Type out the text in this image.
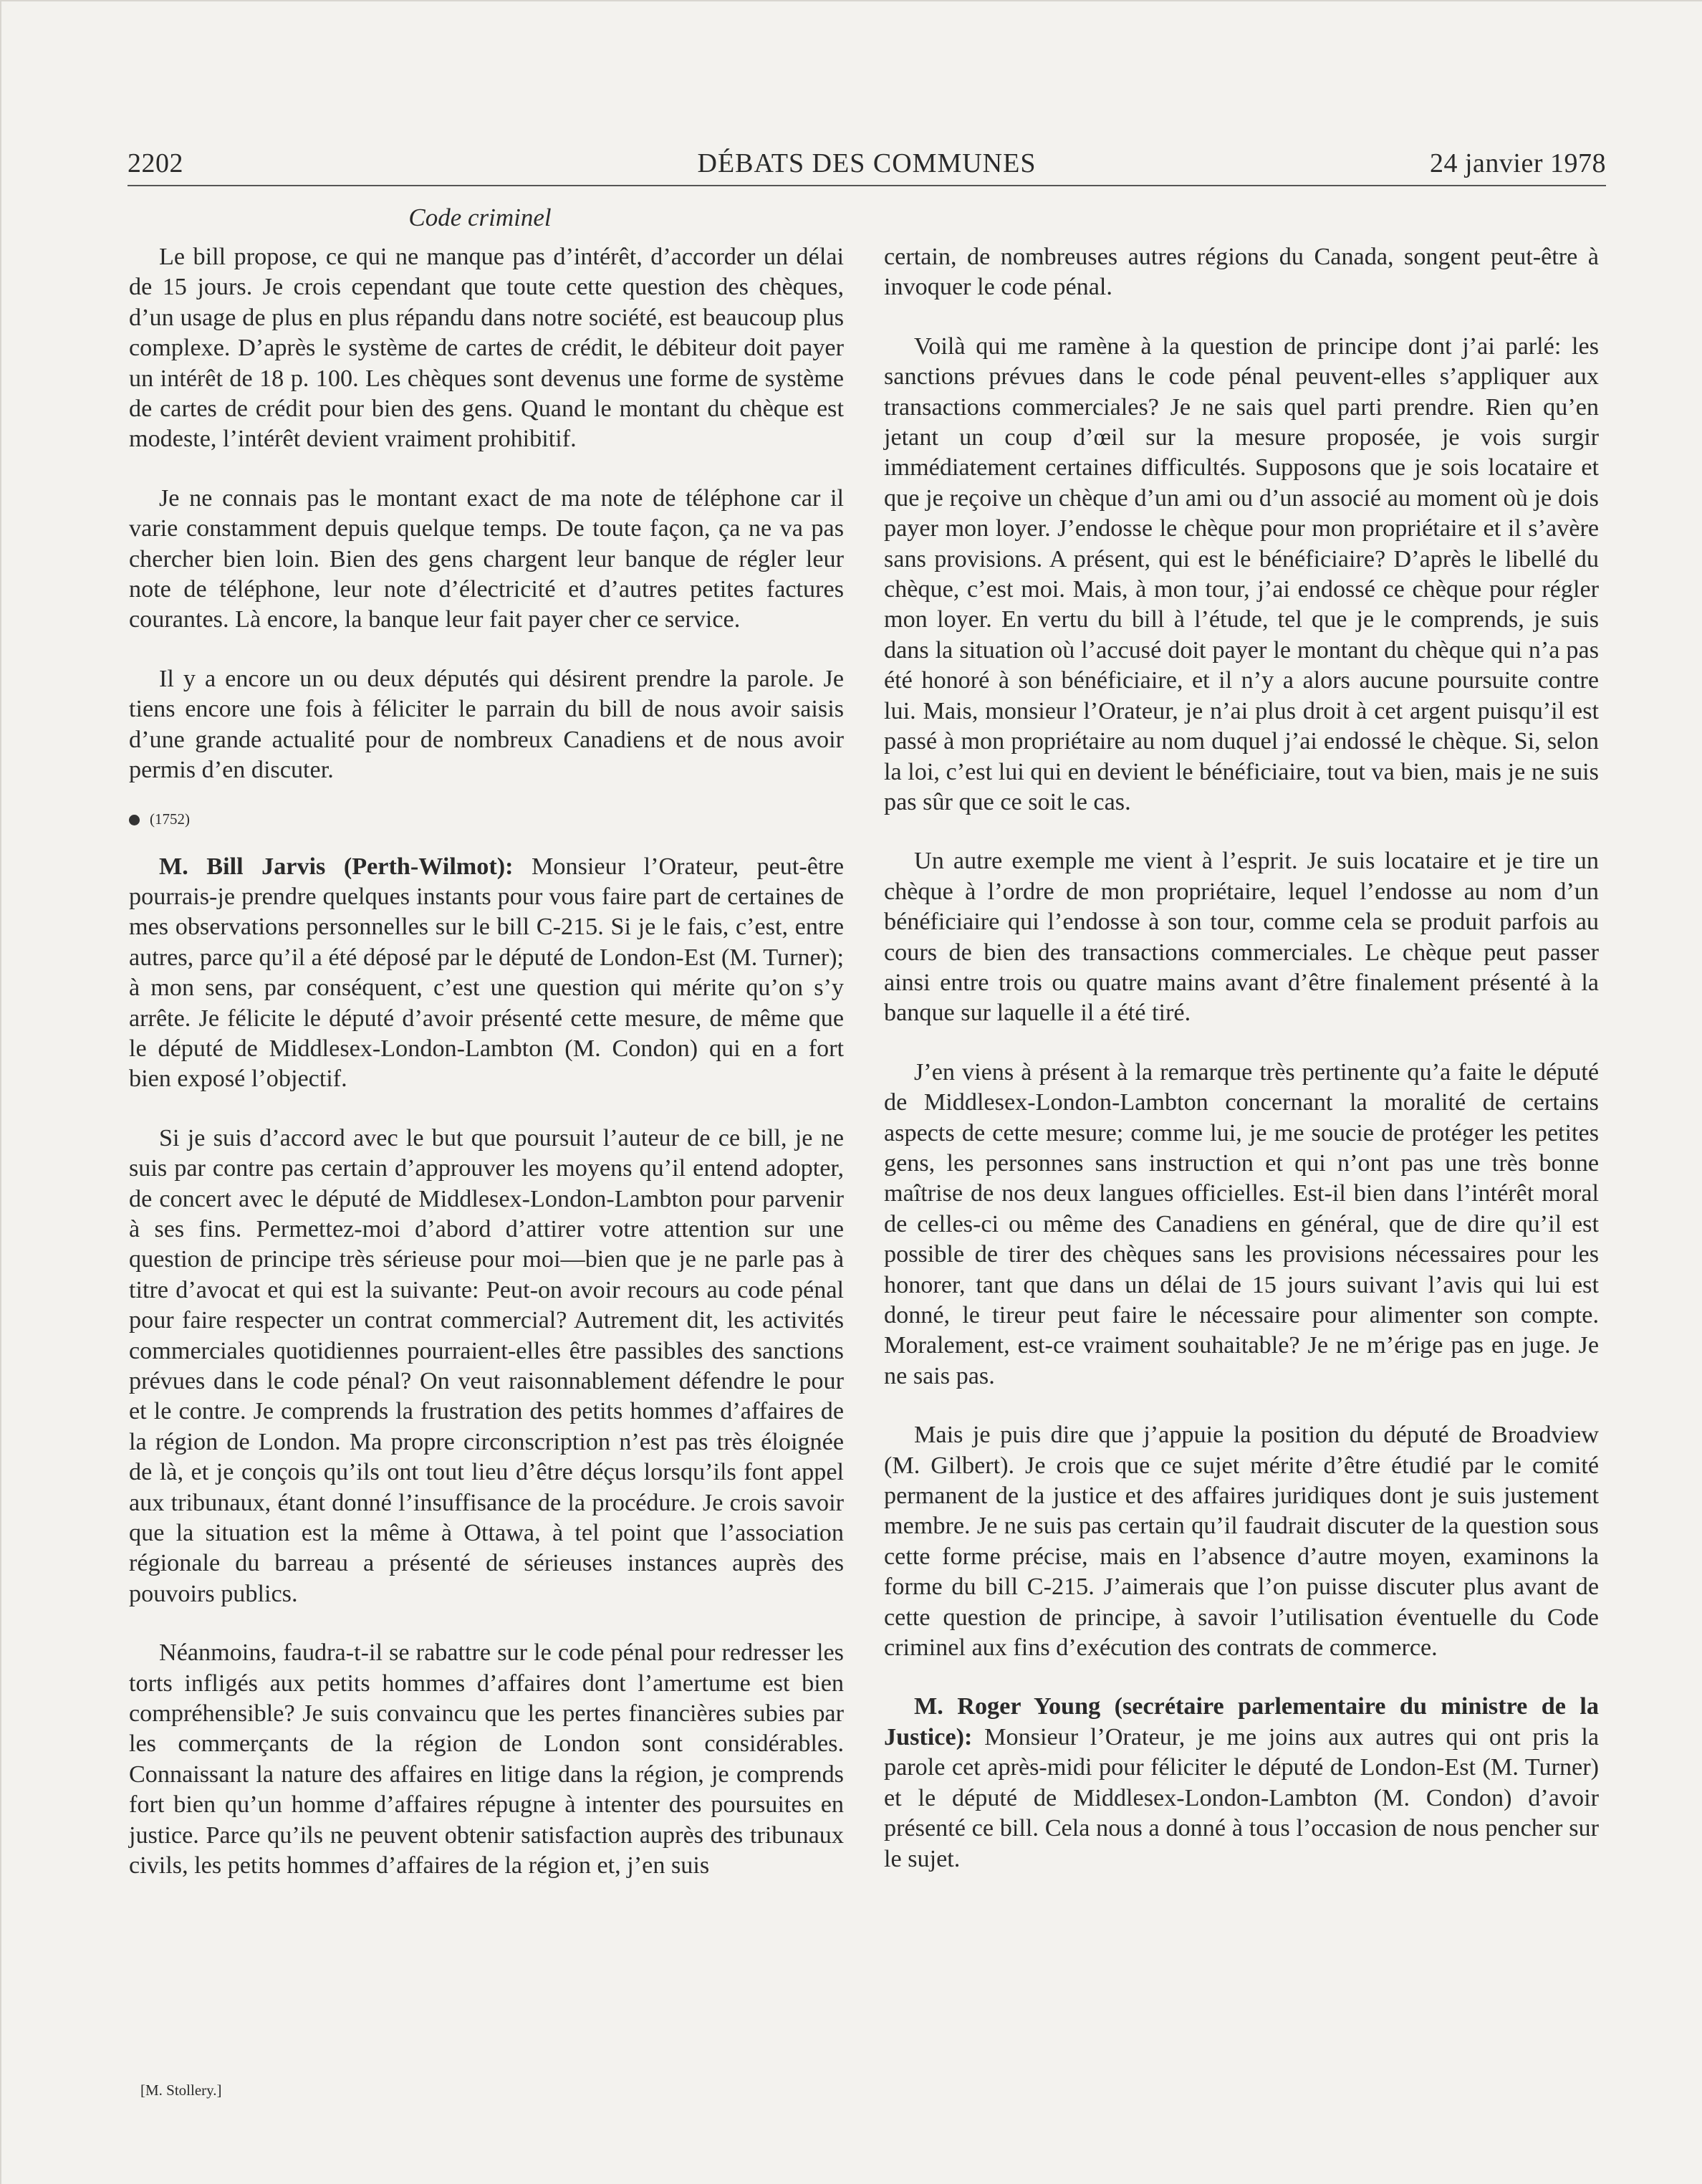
2202	DÉBATS DES COMMUNES	24 janvier 1978
Code criminel

Le bill propose, ce qui ne manque pas d’intérêt, d’accorder un délai de 15 jours. Je crois cependant que toute cette question des chèques, d’un usage de plus en plus répandu dans notre société, est beaucoup plus complexe. D’après le système de cartes de crédit, le débiteur doit payer un intérêt de 18 p. 100. Les chèques sont devenus une forme de système de cartes de crédit pour bien des gens. Quand le montant du chèque est modeste, l’intérêt devient vraiment prohibitif.

Je ne connais pas le montant exact de ma note de téléphone car il varie constamment depuis quelque temps. De toute façon, ça ne va pas chercher bien loin. Bien des gens chargent leur banque de régler leur note de téléphone, leur note d’électricité et d’autres petites factures courantes. Là encore, la banque leur fait payer cher ce service.

Il y a encore un ou deux députés qui désirent prendre la parole. Je tiens encore une fois à féliciter le parrain du bill de nous avoir saisis d’une grande actualité pour de nombreux Canadiens et de nous avoir permis d’en discuter.

(1752)

M. Bill Jarvis (Perth-Wilmot): Monsieur l’Orateur, peut-être pourrais-je prendre quelques instants pour vous faire part de certaines de mes observations personnelles sur le bill C-215. Si je le fais, c’est, entre autres, parce qu’il a été déposé par le député de London-Est (M. Turner); à mon sens, par conséquent, c’est une question qui mérite qu’on s’y arrête. Je félicite le député d’avoir présenté cette mesure, de même que le député de Middlesex-London-Lambton (M. Condon) qui en a fort bien exposé l’objectif.

Si je suis d’accord avec le but que poursuit l’auteur de ce bill, je ne suis par contre pas certain d’approuver les moyens qu’il entend adopter, de concert avec le député de Middlesex-London-Lambton pour parvenir à ses fins. Permettez-moi d’abord d’attirer votre attention sur une question de principe très sérieuse pour moi—bien que je ne parle pas à titre d’avocat et qui est la suivante: Peut-on avoir recours au code pénal pour faire respecter un contrat commercial? Autrement dit, les activités commerciales quotidiennes pourraient-elles être passibles des sanctions prévues dans le code pénal? On veut raisonnablement défendre le pour et le contre. Je comprends la frustration des petits hommes d’affaires de la région de London. Ma propre circonscription n’est pas très éloignée de là, et je conçois qu’ils ont tout lieu d’être déçus lorsqu’ils font appel aux tribunaux, étant donné l’insuffisance de la procédure. Je crois savoir que la situation est la même à Ottawa, à tel point que l’association régionale du barreau a présenté de sérieuses instances auprès des pouvoirs publics.

Néanmoins, faudra-t-il se rabattre sur le code pénal pour redresser les torts infligés aux petits hommes d’affaires dont l’amertume est bien compréhensible? Je suis convaincu que les pertes financières subies par les commerçants de la région de London sont considérables. Connaissant la nature des affaires en litige dans la région, je comprends fort bien qu’un homme d’affaires répugne à intenter des poursuites en justice. Parce qu’ils ne peuvent obtenir satisfaction auprès des tribunaux civils, les petits hommes d’affaires de la région et, j’en suis

certain, de nombreuses autres régions du Canada, songent peut-être à invoquer le code pénal.

Voilà qui me ramène à la question de principe dont j’ai parlé: les sanctions prévues dans le code pénal peuvent-elles s’appliquer aux transactions commerciales? Je ne sais quel parti prendre. Rien qu’en jetant un coup d’œil sur la mesure proposée, je vois surgir immédiatement certaines difficultés. Supposons que je sois locataire et que je reçoive un chèque d’un ami ou d’un associé au moment où je dois payer mon loyer. J’endosse le chèque pour mon propriétaire et il s’avère sans provisions. A présent, qui est le bénéficiaire? D’après le libellé du chèque, c’est moi. Mais, à mon tour, j’ai endossé ce chèque pour régler mon loyer. En vertu du bill à l’étude, tel que je le comprends, je suis dans la situation où l’accusé doit payer le montant du chèque qui n’a pas été honoré à son bénéficiaire, et il n’y a alors aucune poursuite contre lui. Mais, monsieur l’Orateur, je n’ai plus droit à cet argent puisqu’il est passé à mon propriétaire au nom duquel j’ai endossé le chèque. Si, selon la loi, c’est lui qui en devient le bénéficiaire, tout va bien, mais je ne suis pas sûr que ce soit le cas.

Un autre exemple me vient à l’esprit. Je suis locataire et je tire un chèque à l’ordre de mon propriétaire, lequel l’endosse au nom d’un bénéficiaire qui l’endosse à son tour, comme cela se produit parfois au cours de bien des transactions commerciales. Le chèque peut passer ainsi entre trois ou quatre mains avant d’être finalement présenté à la banque sur laquelle il a été tiré.

J’en viens à présent à la remarque très pertinente qu’a faite le député de Middlesex-London-Lambton concernant la moralité de certains aspects de cette mesure; comme lui, je me soucie de protéger les petites gens, les personnes sans instruction et qui n’ont pas une très bonne maîtrise de nos deux langues officielles. Est-il bien dans l’intérêt moral de celles-ci ou même des Canadiens en général, que de dire qu’il est possible de tirer des chèques sans les provisions nécessaires pour les honorer, tant que dans un délai de 15 jours suivant l’avis qui lui est donné, le tireur peut faire le nécessaire pour alimenter son compte. Moralement, est-ce vraiment souhaitable? Je ne m’érige pas en juge. Je ne sais pas.

Mais je puis dire que j’appuie la position du député de Broadview (M. Gilbert). Je crois que ce sujet mérite d’être étudié par le comité permanent de la justice et des affaires juridiques dont je suis justement membre. Je ne suis pas certain qu’il faudrait discuter de la question sous cette forme précise, mais en l’absence d’autre moyen, examinons la forme du bill C-215. J’aimerais que l’on puisse discuter plus avant de cette question de principe, à savoir l’utilisation éventuelle du Code criminel aux fins d’exécution des contrats de commerce.

M. Roger Young (secrétaire parlementaire du ministre de la Justice): Monsieur l’Orateur, je me joins aux autres qui ont pris la parole cet après-midi pour féliciter le député de London-Est (M. Turner) et le député de Middlesex-London-Lambton (M. Condon) d’avoir présenté ce bill. Cela nous a donné à tous l’occasion de nous pencher sur le sujet.

[M. Stollery.]
